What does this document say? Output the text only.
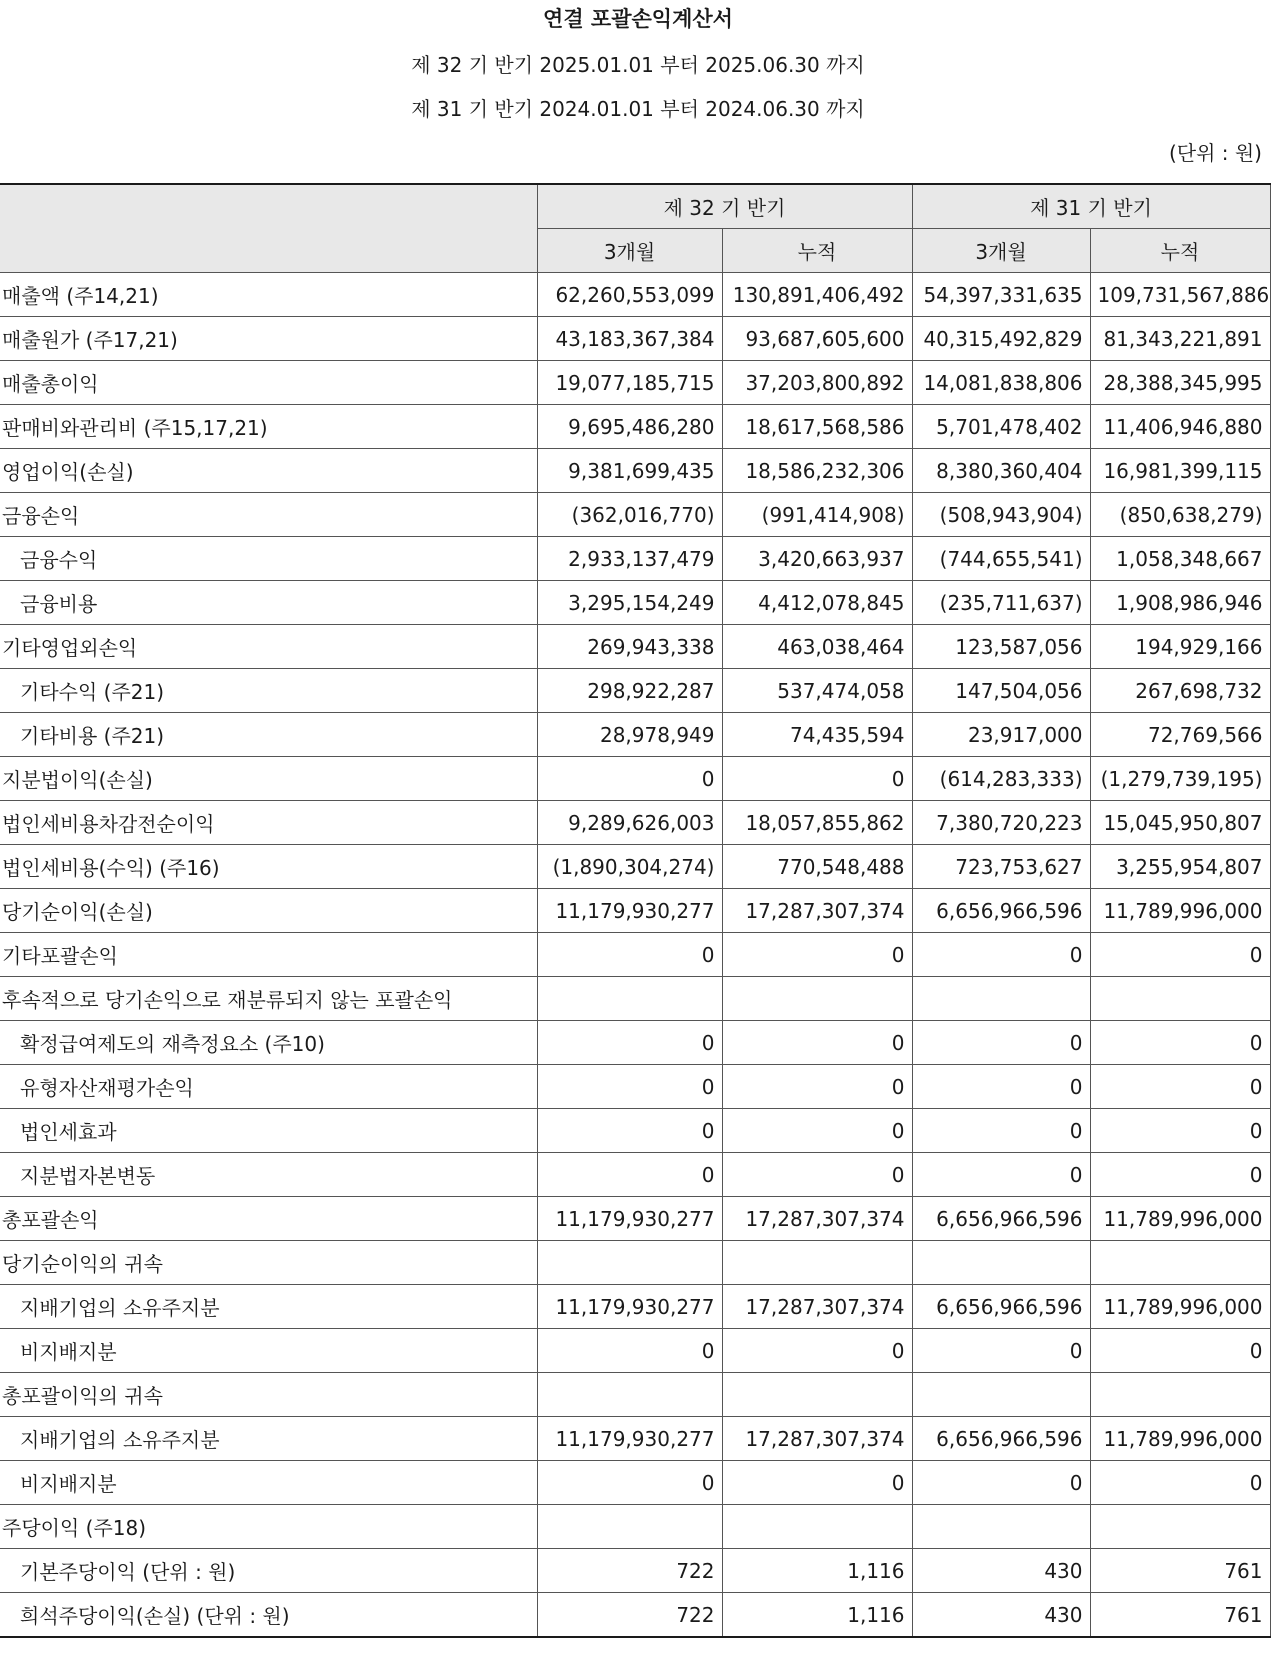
연결 포괄손익계산서
제 32 기 반기 2025.01.01 부터 2025.06.30 까지
제 31 기 반기 2024.01.01 부터 2024.06.30 까지
(단위 : 원)
	제 32 기 반기		제 31 기 반기	
	3개월	누적	3개월	누적
매출액 (주14,21)	62,260,553,099	130,891,406,492	54,397,331,635	109,731,567,886
매출원가 (주17,21)	43,183,367,384	93,687,605,600	40,315,492,829	81,343,221,891
매출총이익	19,077,185,715	37,203,800,892	14,081,838,806	28,388,345,995
판매비와관리비 (주15,17,21)	9,695,486,280	18,617,568,586	5,701,478,402	11,406,946,880
영업이익(손실)	9,381,699,435	18,586,232,306	8,380,360,404	16,981,399,115
금융손익	(362,016,770)	(991,414,908)	(508,943,904)	(850,638,279)
금융수익	2,933,137,479	3,420,663,937	(744,655,541)	1,058,348,667
금융비용	3,295,154,249	4,412,078,845	(235,711,637)	1,908,986,946
기타영업외손익	269,943,338	463,038,464	123,587,056	194,929,166
기타수익 (주21)	298,922,287	537,474,058	147,504,056	267,698,732
기타비용 (주21)	28,978,949	74,435,594	23,917,000	72,769,566
지분법이익(손실)	0	0	(614,283,333)	(1,279,739,195)
법인세비용차감전순이익	9,289,626,003	18,057,855,862	7,380,720,223	15,045,950,807
법인세비용(수익) (주16)	(1,890,304,274)	770,548,488	723,753,627	3,255,954,807
당기순이익(손실)	11,179,930,277	17,287,307,374	6,656,966,596	11,789,996,000
기타포괄손익	0	0	0	0
후속적으로 당기손익으로 재분류되지 않는 포괄손익				
확정급여제도의 재측정요소 (주10)	0	0	0	0
유형자산재평가손익	0	0	0	0
법인세효과	0	0	0	0
지분법자본변동	0	0	0	0
총포괄손익	11,179,930,277	17,287,307,374	6,656,966,596	11,789,996,000
당기순이익의 귀속				
지배기업의 소유주지분	11,179,930,277	17,287,307,374	6,656,966,596	11,789,996,000
비지배지분	0	0	0	0
총포괄이익의 귀속				
지배기업의 소유주지분	11,179,930,277	17,287,307,374	6,656,966,596	11,789,996,000
비지배지분	0	0	0	0
주당이익 (주18)				
기본주당이익 (단위 : 원)	722	1,116	430	761
희석주당이익(손실) (단위 : 원)	722	1,116	430	761
